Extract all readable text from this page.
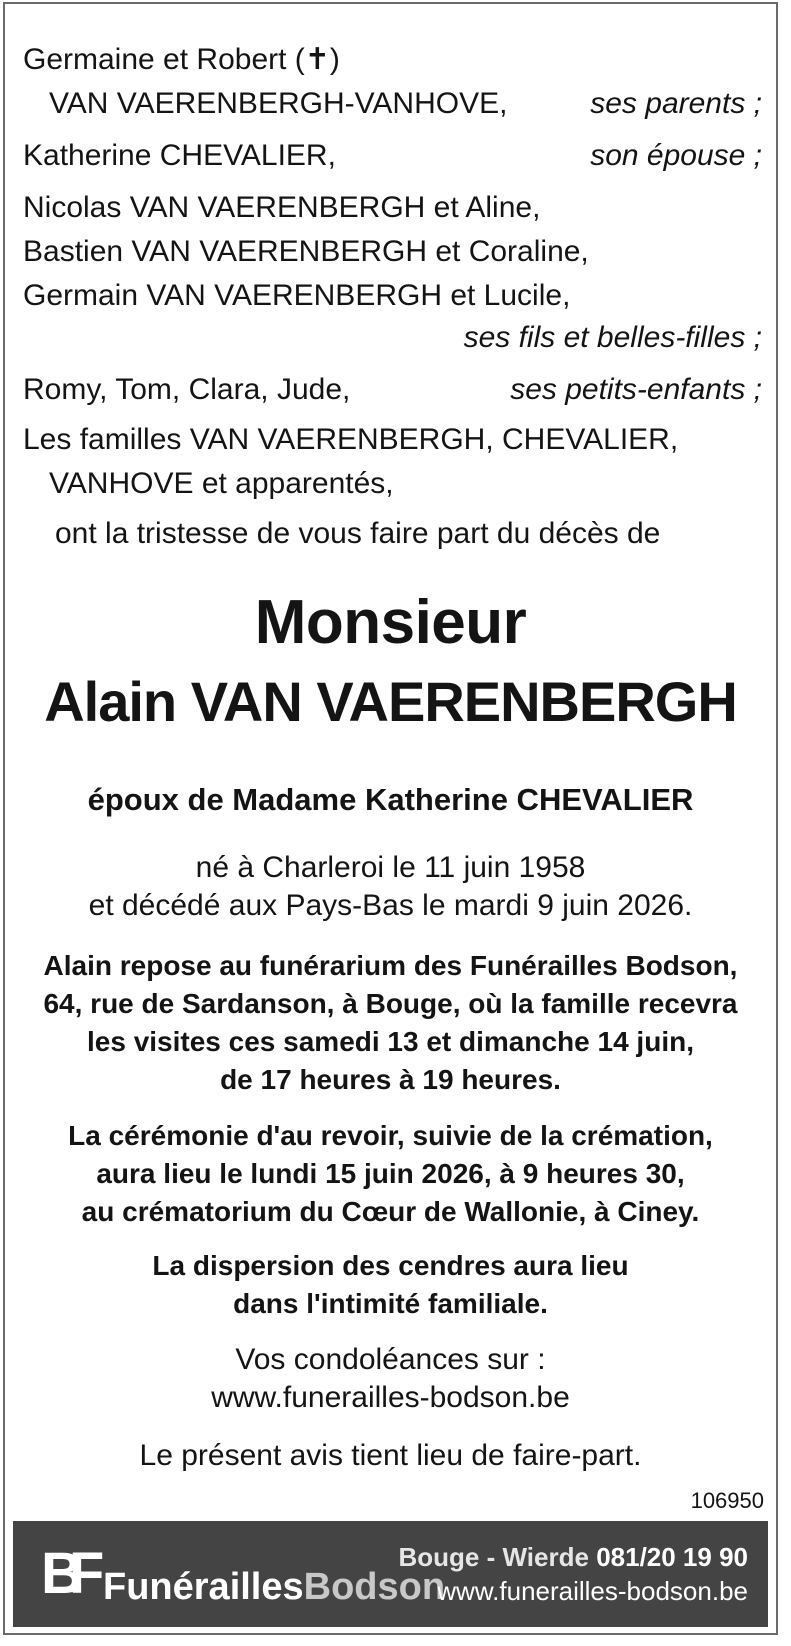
Germaine et Robert (✝)
VAN VAERENBERGH-VANHOVE,	ses parents ;
Katherine CHEVALIER,	son épouse ;
Nicolas VAN VAERENBERGH et Aline,
Bastien VAN VAERENBERGH et Coraline,
Germain VAN VAERENBERGH et Lucile,
ses fils et belles-filles ;
Romy, Tom, Clara, Jude,	ses petits-enfants ;
Les familles VAN VAERENBERGH, CHEVALIER,
VANHOVE et apparentés,
ont la tristesse de vous faire part du décès de
Monsieur
Alain VAN VAERENBERGH
époux de Madame Katherine CHEVALIER
né à Charleroi le 11 juin 1958
et décédé aux Pays-Bas le mardi 9 juin 2026.
Alain repose au funérarium des Funérailles Bodson,
64, rue de Sardanson, à Bouge, où la famille recevra
les visites ces samedi 13 et dimanche 14 juin,
de 17 heures à 19 heures.
La cérémonie d'au revoir, suivie de la crémation,
aura lieu le lundi 15 juin 2026, à 9 heures 30,
au crématorium du Cœur de Wallonie, à Ciney.
La dispersion des cendres aura lieu
dans l'intimité familiale.
Vos condoléances sur :
www.funerailles-bodson.be
Le présent avis tient lieu de faire-part.
106950
BF FunéraillesBodson
Bouge - Wierde 081/20 19 90
www.funerailles-bodson.be
